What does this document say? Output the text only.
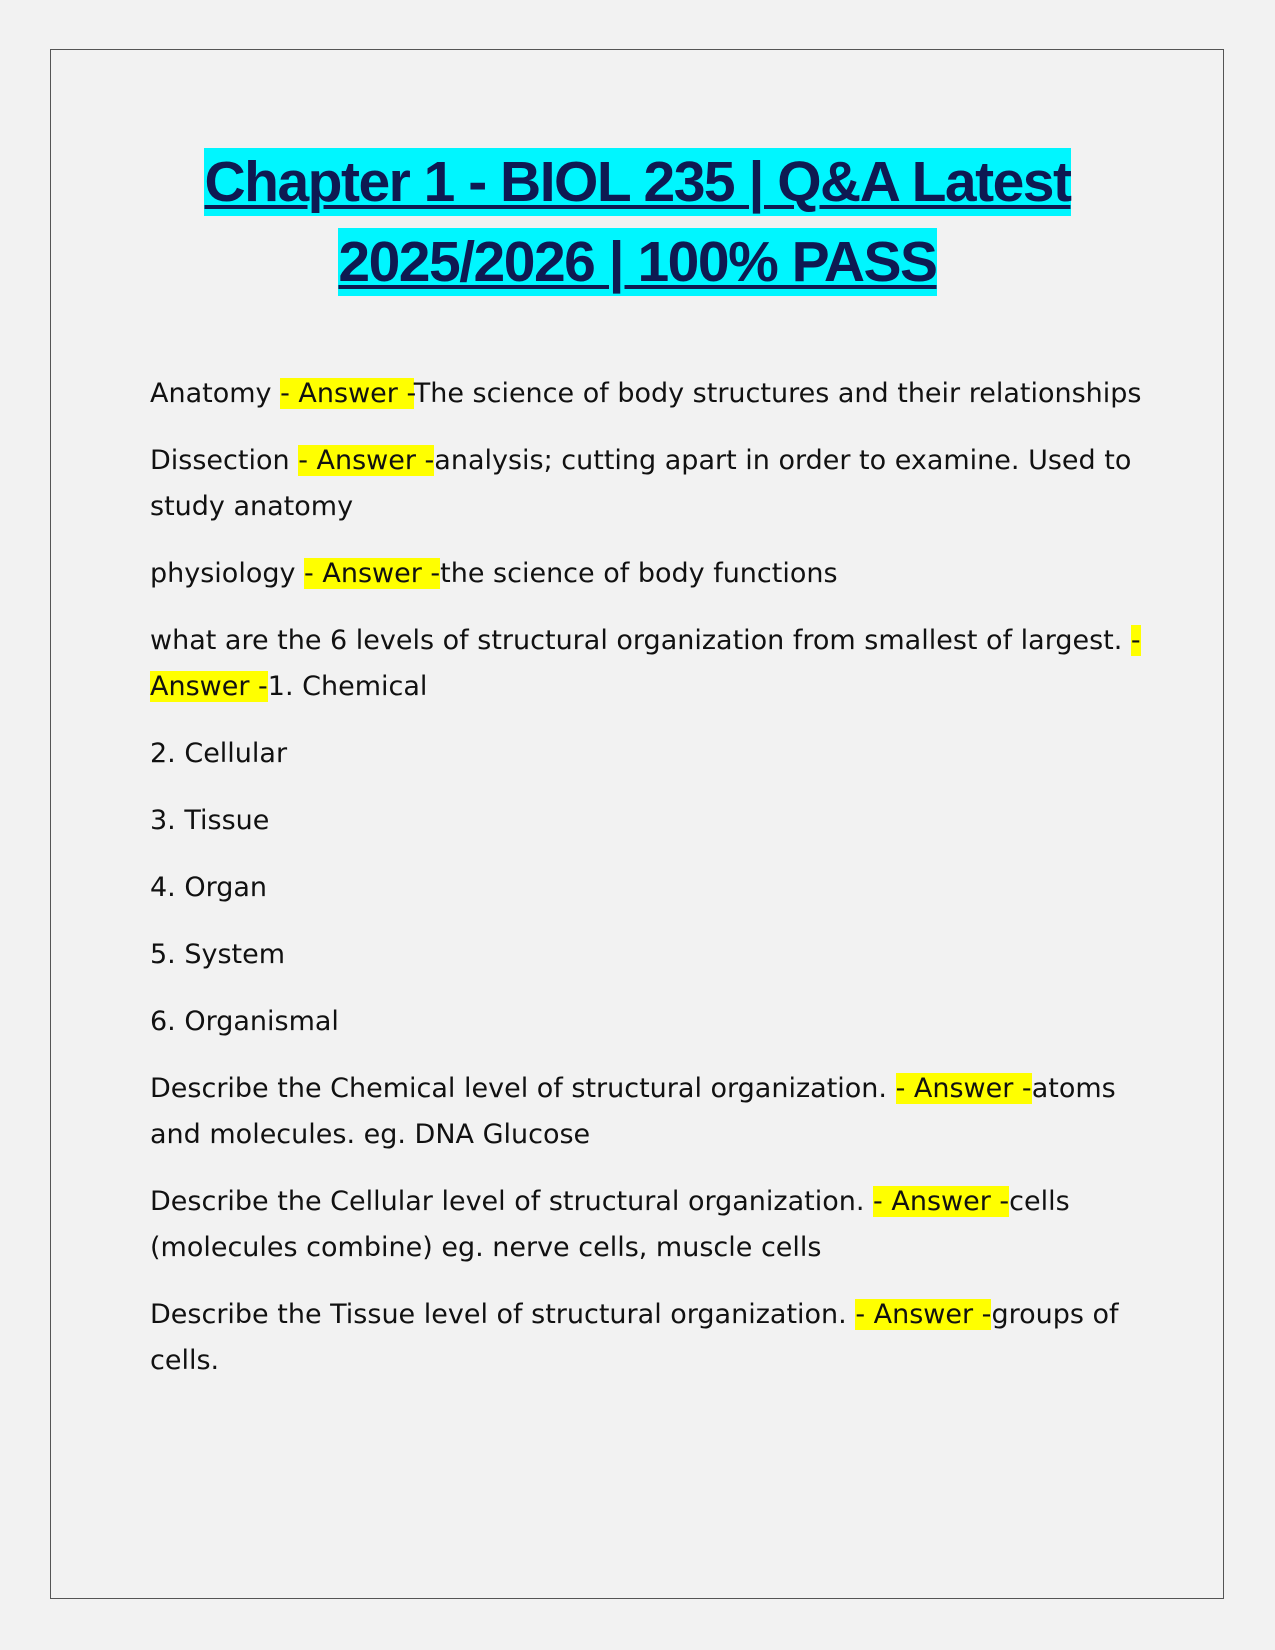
Chapter 1 - BIOL 235 | Q&A Latest
2025/2026 | 100% PASS

Anatomy - Answer -The science of body structures and their relationships

Dissection - Answer -analysis; cutting apart in order to examine. Used to study anatomy

physiology - Answer -the science of body functions

what are the 6 levels of structural organization from smallest of largest. - Answer -1. Chemical

2. Cellular

3. Tissue

4. Organ

5. System

6. Organismal

Describe the Chemical level of structural organization. - Answer -atoms and molecules. eg. DNA Glucose

Describe the Cellular level of structural organization. - Answer -cells (molecules combine) eg. nerve cells, muscle cells

Describe the Tissue level of structural organization. - Answer -groups of cells.
